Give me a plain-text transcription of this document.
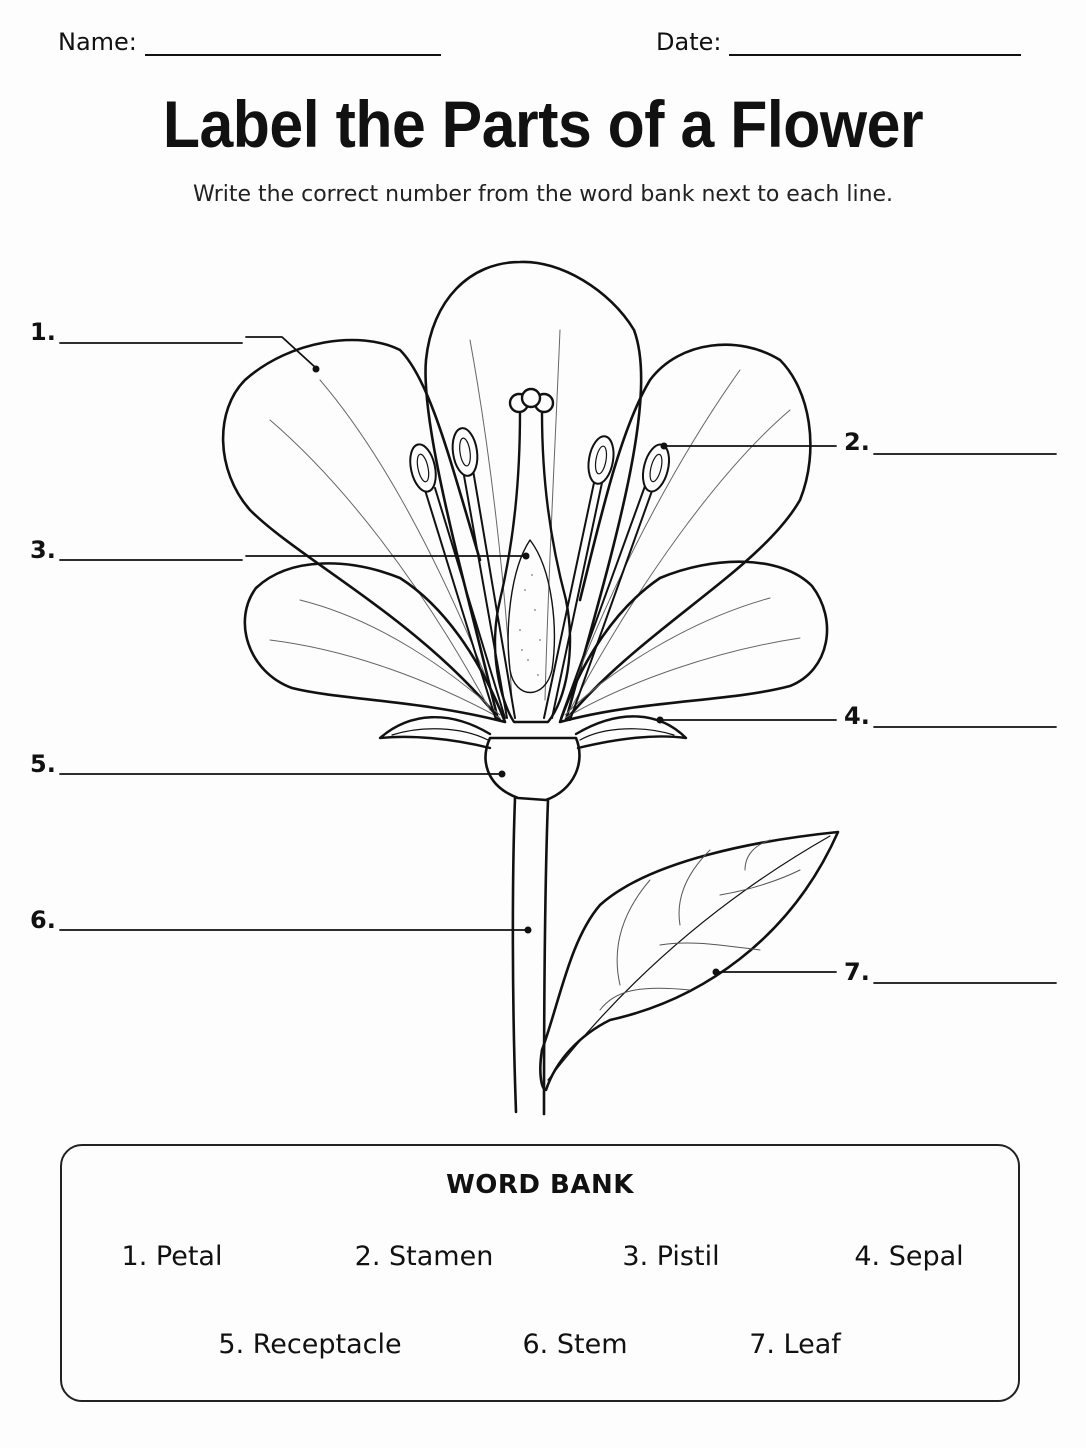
Name:	Date:
Label the Parts of a Flower
Write the correct number from the word bank next to each line.
1.
2.
3.
4.
5.
6.
7.
WORD BANK
1. Petal	2. Stamen	3. Pistil	4. Sepal
5. Receptacle	6. Stem	7. Leaf
